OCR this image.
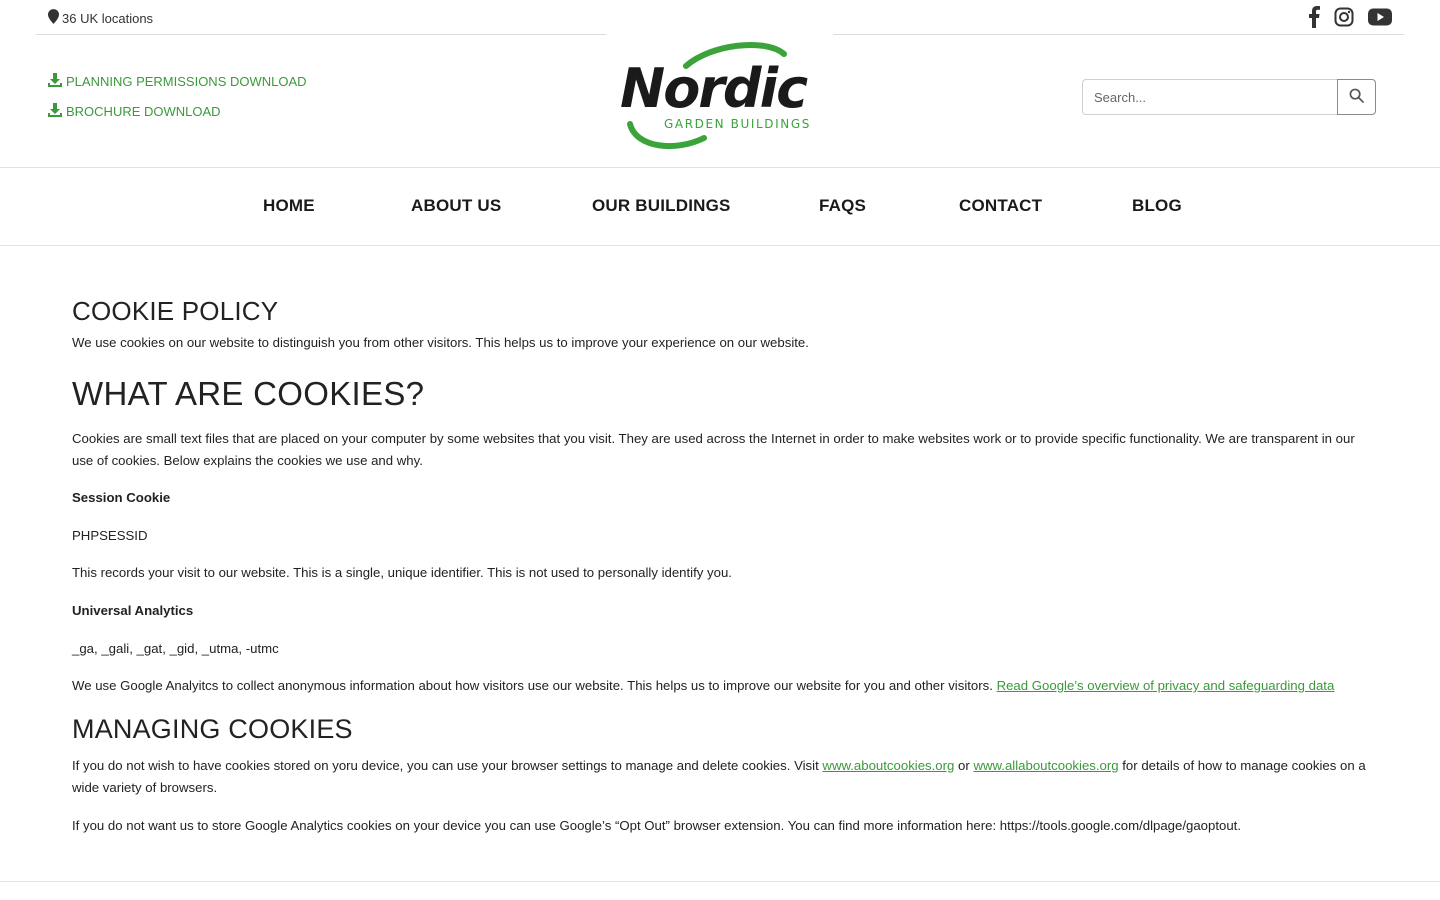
36 UK locations
PLANNING PERMISSIONS DOWNLOAD
BROCHURE DOWNLOAD	Nordic
GARDEN BUILDINGS
Search...
HOME	ABOUT US	OUR BUILDINGS	FAQS	CONTACT	BLOG
COOKIE POLICY

We use cookies on our website to distinguish you from other visitors. This helps us to improve your experience on our website.

WHAT ARE COOKIES?

Cookies are small text files that are placed on your computer by some websites that you visit. They are used across the Internet in order to make websites work or to provide specific functionality. We are transparent in our use of cookies. Below explains the cookies we use and why.

Session Cookie

PHPSESSID

This records your visit to our website. This is a single, unique identifier. This is not used to personally identify you.

Universal Analytics

_ga, _gali, _gat, _gid, _utma, -utmc

We use Google Analyitcs to collect anonymous information about how visitors use our website. This helps us to improve our website for you and other visitors. Read Google’s overview of privacy and safeguarding data

MANAGING COOKIES

If you do not wish to have cookies stored on yoru device, you can use your browser settings to manage and delete cookies. Visit www.aboutcookies.org or www.allaboutcookies.org for details of how to manage cookies on a wide variety of browsers.

If you do not want us to store Google Analytics cookies on your device you can use Google’s “Opt Out” browser extension. You can find more information here: https://tools.google.com/dlpage/gaoptout.
